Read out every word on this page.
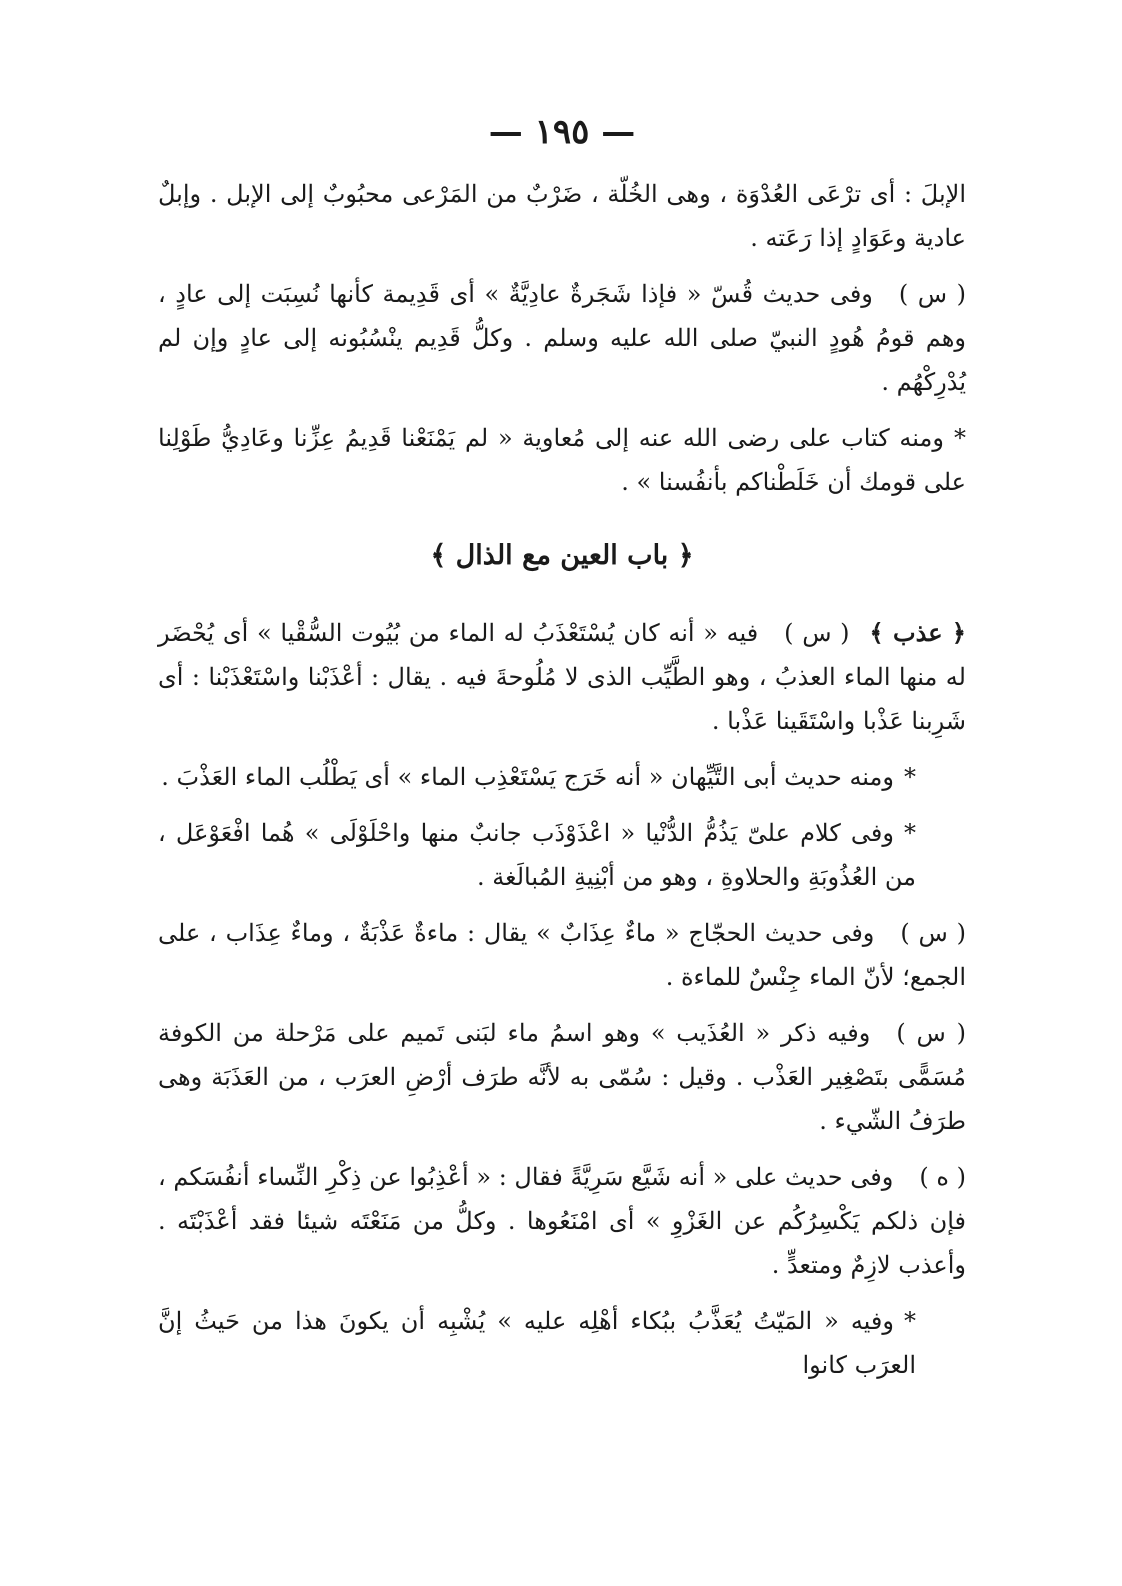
— ١٩٥ —

الإبلَ : أى ترْعَى العُدْوَة ، وهى الخُلّة ، ضَرْبٌ من المَرْعى محبُوبٌ إلى الإبل . وإبلٌ عادية وعَوَادٍ إذا رَعَته .

( س )وفى حديث قُسّ « فإذا شَجَرةٌ عادِيَّةٌ » أى قَدِيمة كأنها نُسِبَت إلى عادٍ ، وهم قومُ هُودٍ النبيّ صلى الله عليه وسلم . وكلُّ قَدِيم ينْسُبُونه إلى عادٍ وإن لم يُدْرِكْهُم .

*ومنه كتاب على رضى الله عنه إلى مُعاوية « لم يَمْنَعْنا قَدِيمُ عِزِّنا وعَادِيُّ طَوْلِنا على قومك أن خَلَطْناكم بأنفُسنا » .

﴿ باب العين مع الذال ﴾

﴿ عذب ﴾( س )فيه « أنه كان يُسْتَعْذَبُ له الماء من بُيُوت السُّقْيا » أى يُحْضَر له منها الماء العذبُ ، وهو الطَّيِّب الذى لا مُلُوحةَ فيه . يقال : أعْذَبْنا واسْتَعْذَبْنا : أى شَرِبنا عَذْبا واسْتَقَينا عَذْبا .

*ومنه حديث أبى التَّيِّهان « أنه خَرَج يَسْتَعْذِب الماء » أى يَطْلُب الماء العَذْبَ .

*وفى كلام علىّ يَذُمُّ الدُّنْيا « اعْذَوْذَب جانبٌ منها واحْلَوْلَى » هُما افْعَوْعَل ، من العُذُوبَةِ والحلاوةِ ، وهو من أبْنِيةِ المُبالَغة .

( س )وفى حديث الحجّاج « ماءٌ عِذَابٌ » يقال : ماءةٌ عَذْبَةٌ ، وماءٌ عِذَاب ، على الجمع؛ لأنّ الماء جِنْسٌ للماءة .

( س )وفيه ذكر « العُذَيب » وهو اسمُ ماء لبَنى تَميم على مَرْحلة من الكوفة مُسَمًّى بتَصْغِير العَذْب . وقيل : سُمّى به لأنَّه طرَف أرْضِ العرَب ، من العَذَبَة وهى طرَفُ الشّيء .

( ه )وفى حديث على « أنه شَيَّع سَرِيَّةً فقال : « أعْذِبُوا عن ذِكْرِ النِّساء أنفُسَكم ، فإن ذلكم يَكْسِرُكُم عن الغَزْوِ » أى امْنَعُوها . وكلُّ من مَنَعْتَه شيئا فقد أعْذَبْتَه . وأعذب لازِمٌ ومتعدٍّ .

*وفيه « المَيّتُ يُعَذَّبُ ببُكاء أهْلِه عليه » يُشْبِه أن يكونَ هذا من حَيثُ إنَّ العرَب كانوا
